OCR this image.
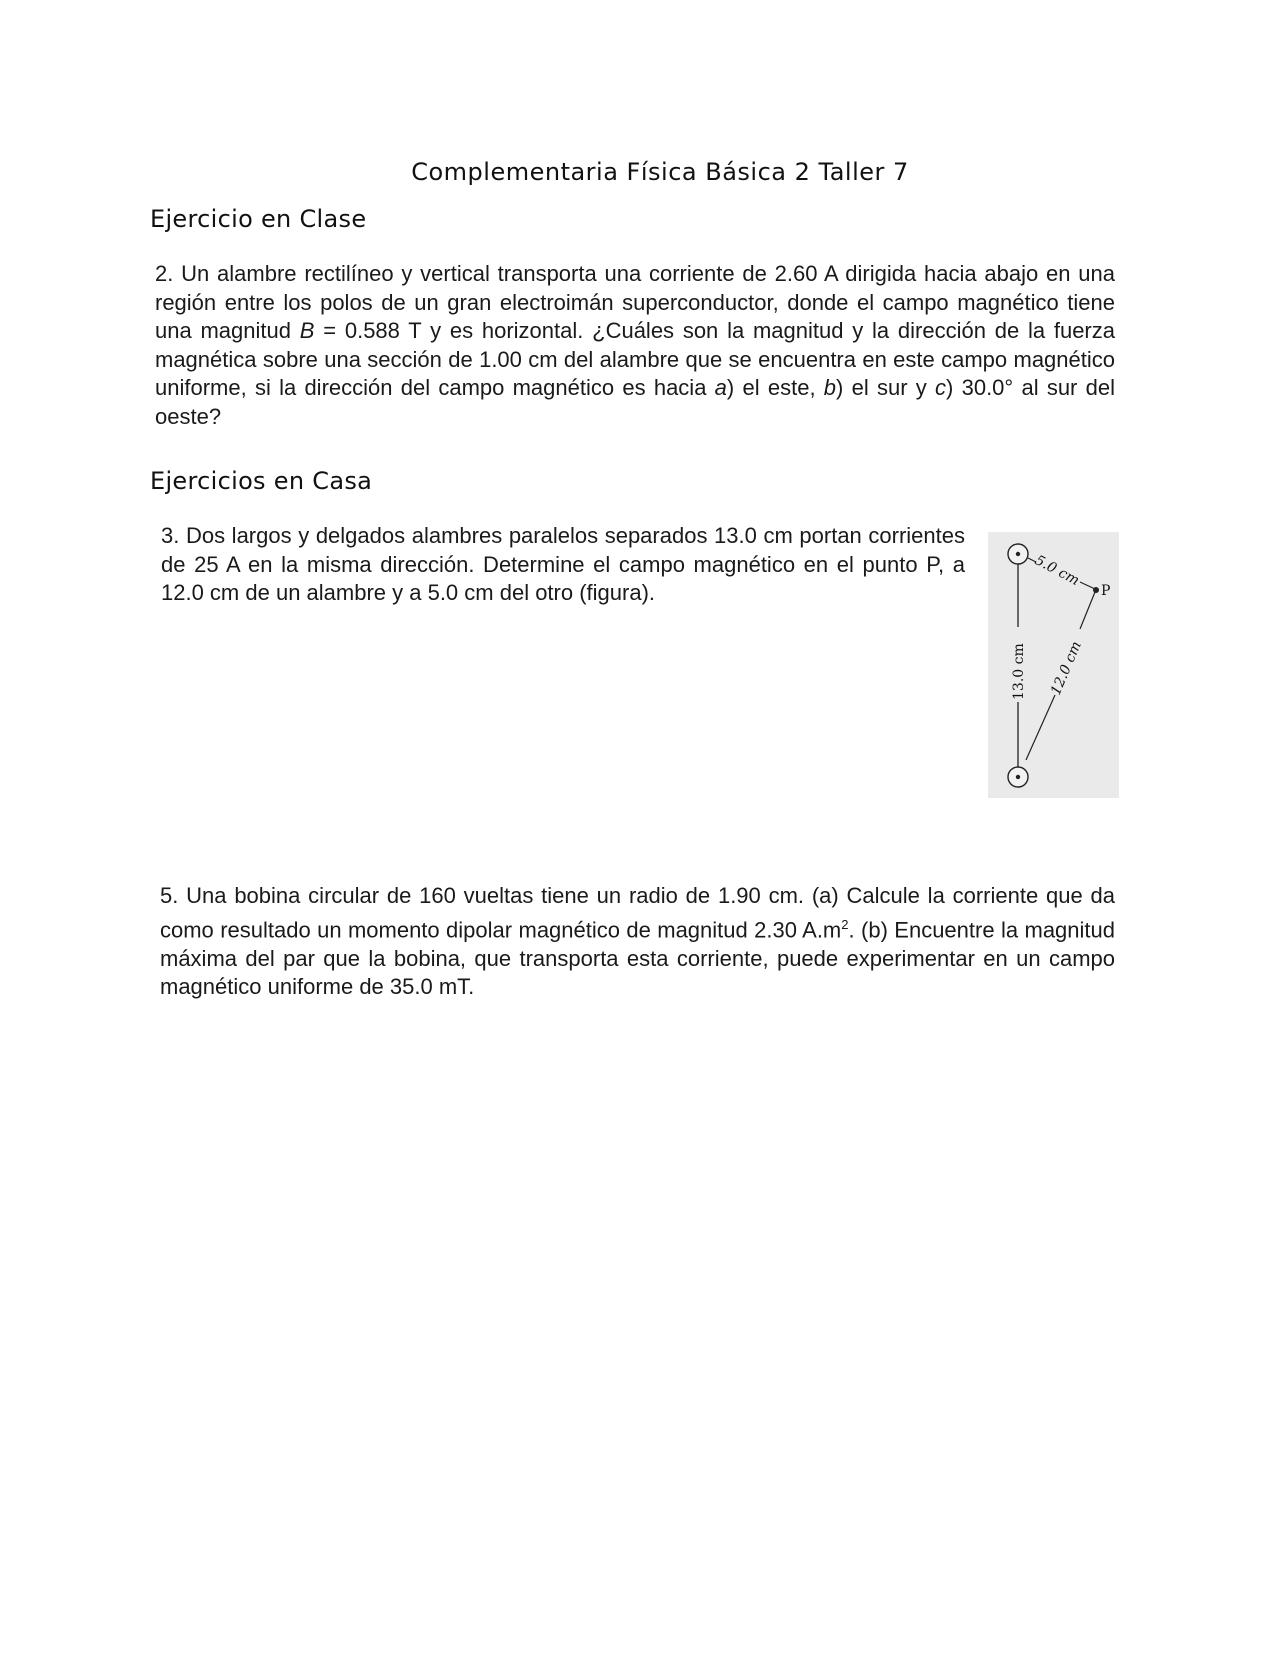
Complementaria Física Básica 2 Taller 7
Ejercicio en Clase
2. Un alambre rectilíneo y vertical transporta una corriente de 2.60 A dirigida hacia abajo en una región entre los polos de un gran electroimán superconductor, donde el campo magnético tiene una magnitud B = 0.588 T y es horizontal. ¿Cuáles son la magnitud y la dirección de la fuerza magnética sobre una sección de 1.00 cm del alambre que se encuentra en este campo magnético uniforme, si la dirección del campo magnético es hacia a) el este, b) el sur y c) 30.0° al sur del oeste?
Ejercicios en Casa
3. Dos largos y delgados alambres paralelos separados 13.0 cm portan corrientes de 25 A en la misma dirección. Determine el campo magnético en el punto P, a 12.0 cm de un alambre y a 5.0 cm del otro (figura).	P
5.0 cm
13.0 cm 12.0 cm
5. Una bobina circular de 160 vueltas tiene un radio de 1.90 cm. (a) Calcule la corriente que da como resultado un momento dipolar magnético de magnitud 2.30 $A.m^2$. (b) Encuentre la magnitud máxima del par que la bobina, que transporta esta corriente, puede experimentar en un campo magnético uniforme de 35.0 mT.
